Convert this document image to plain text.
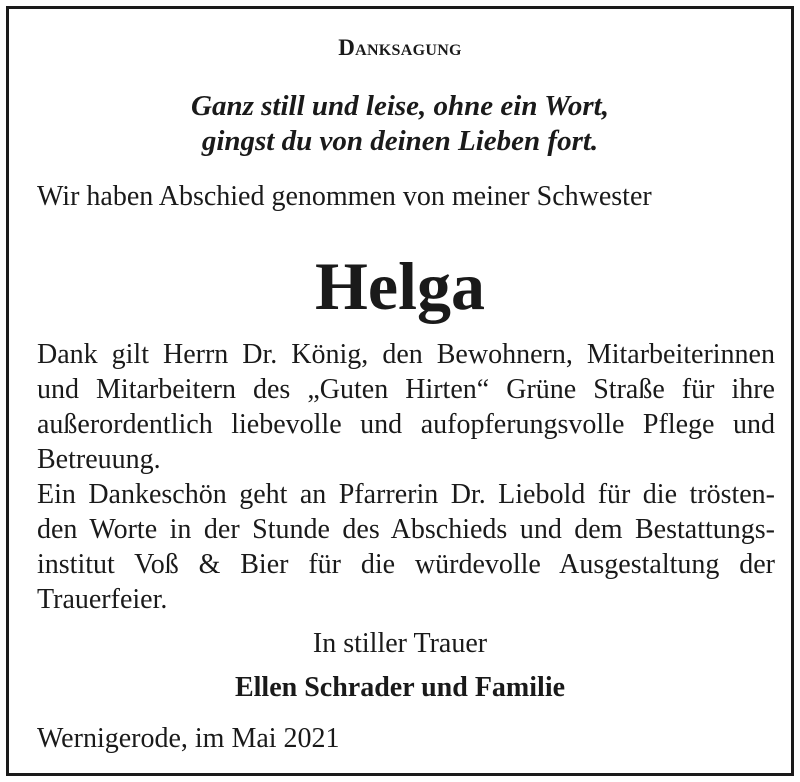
Danksagung
Ganz still und leise, ohne ein Wort,
gingst du von deinen Lieben fort.
Wir haben Abschied genommen von meiner Schwester
Helga
Dank gilt Herrn Dr. König, den Bewohnern, Mitarbeiterinnen
und Mitarbeitern des „Guten Hirten“ Grüne Straße für ihre
außerordentlich liebevolle und aufopferungsvolle Pflege und
Betreuung.
Ein Dankeschön geht an Pfarrerin Dr. Liebold für die trösten-
den Worte in der Stunde des Abschieds und dem Bestattungs-
institut Voß & Bier für die würdevolle Ausgestaltung der
Trauerfeier.
In stiller Trauer
Ellen Schrader und Familie
Wernigerode, im Mai 2021
